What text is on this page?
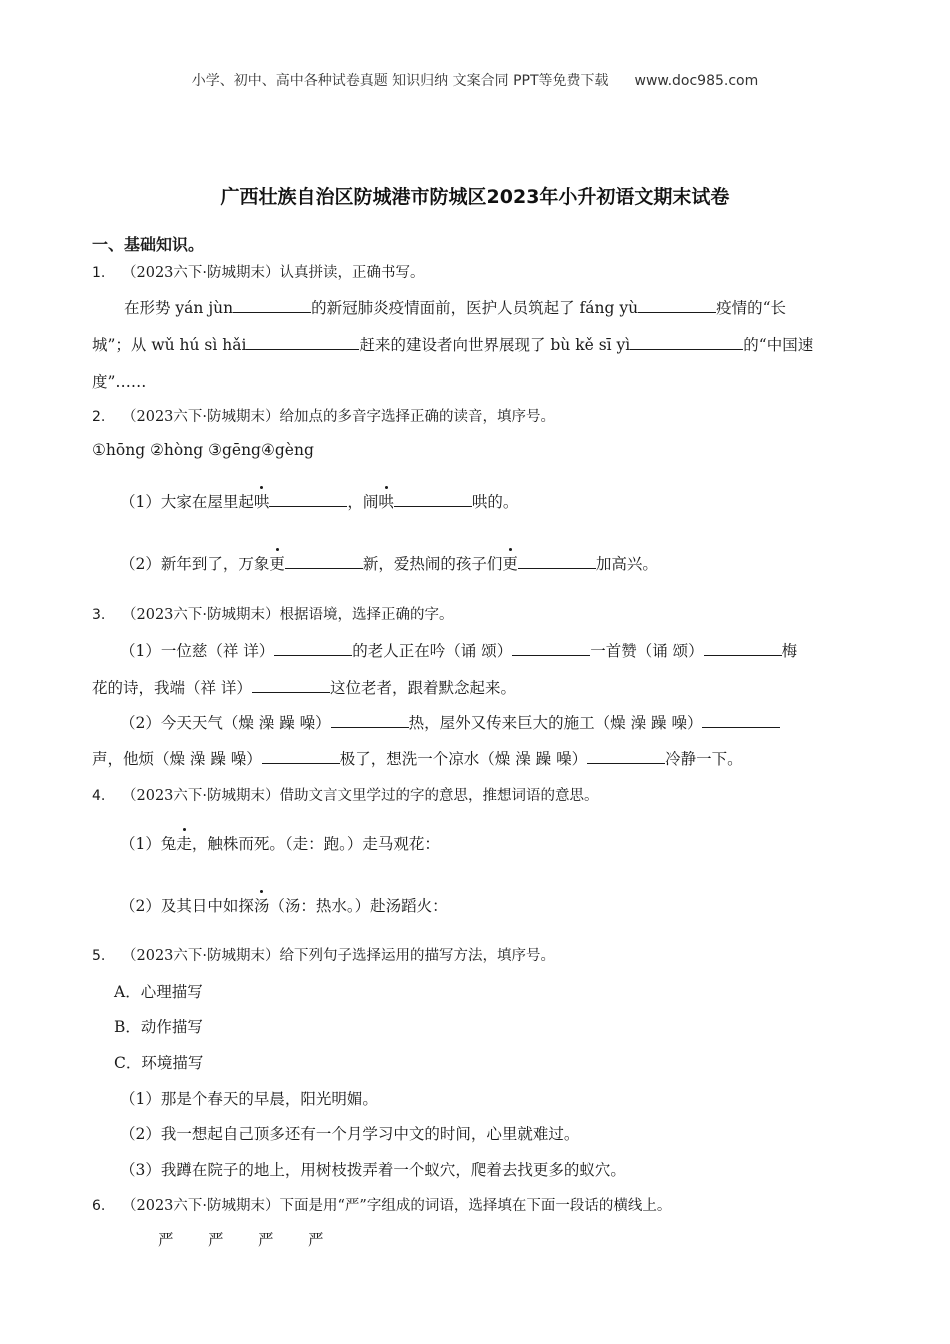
小学、初中、高中各种试卷真题 知识归纳 文案合同 PPT等免费下载 www.doc985.com
广西壮族自治区防城港市防城区2023年小升初语文期末试卷
一、基础知识。
1. （2023六下·防城期末）认真拼读，正确书写。
在形势 yán jùn	的新冠肺炎疫情面前，医护人员筑起了 fáng yù	疫情的“长
城”；从 wǔ hú sì hǎi	赶来的建设者向世界展现了 bù kě sī yì	的“中国速
度”……
2. （2023六下·防城期末）给加点的多音字选择正确的读音，填序号。
①hōng ②hòng ③gēng④gèng
（1）大家在屋里起哄	，闹哄	哄的。
（2）新年到了，万象更	新，爱热闹的孩子们更	加高兴。
3. （2023六下·防城期末）根据语境，选择正确的字。
（1）一位慈（祥 详）	的老人正在吟（诵 颂）	一首赞（诵 颂）	梅
花的诗，我端（祥 详）	这位老者，跟着默念起来。
（2）今天天气（燥 澡 躁 噪）	热，屋外又传来巨大的施工（燥 澡 躁 噪）
声，他烦（燥 澡 躁 噪）	极了，想洗一个凉水（燥 澡 躁 噪）	冷静一下。
4. （2023六下·防城期末）借助文言文里学过的字的意思，推想词语的意思。
（1）兔走，触株而死。（走：跑。）走马观花：
（2）及其日中如探汤（汤：热水。）赴汤蹈火：
5. （2023六下·防城期末）给下列句子选择运用的描写方法，填序号。
A．心理描写
B．动作描写
C．环境描写
（1）那是个春天的早晨，阳光明媚。
（2）我一想起自己顶多还有一个月学习中文的时间，心里就难过。
（3）我蹲在院子的地上，用树枝拨弄着一个蚁穴，爬着去找更多的蚁穴。
6. （2023六下·防城期末）下面是用“严”字组成的词语，选择填在下面一段话的横线上。
严 严 严 严
